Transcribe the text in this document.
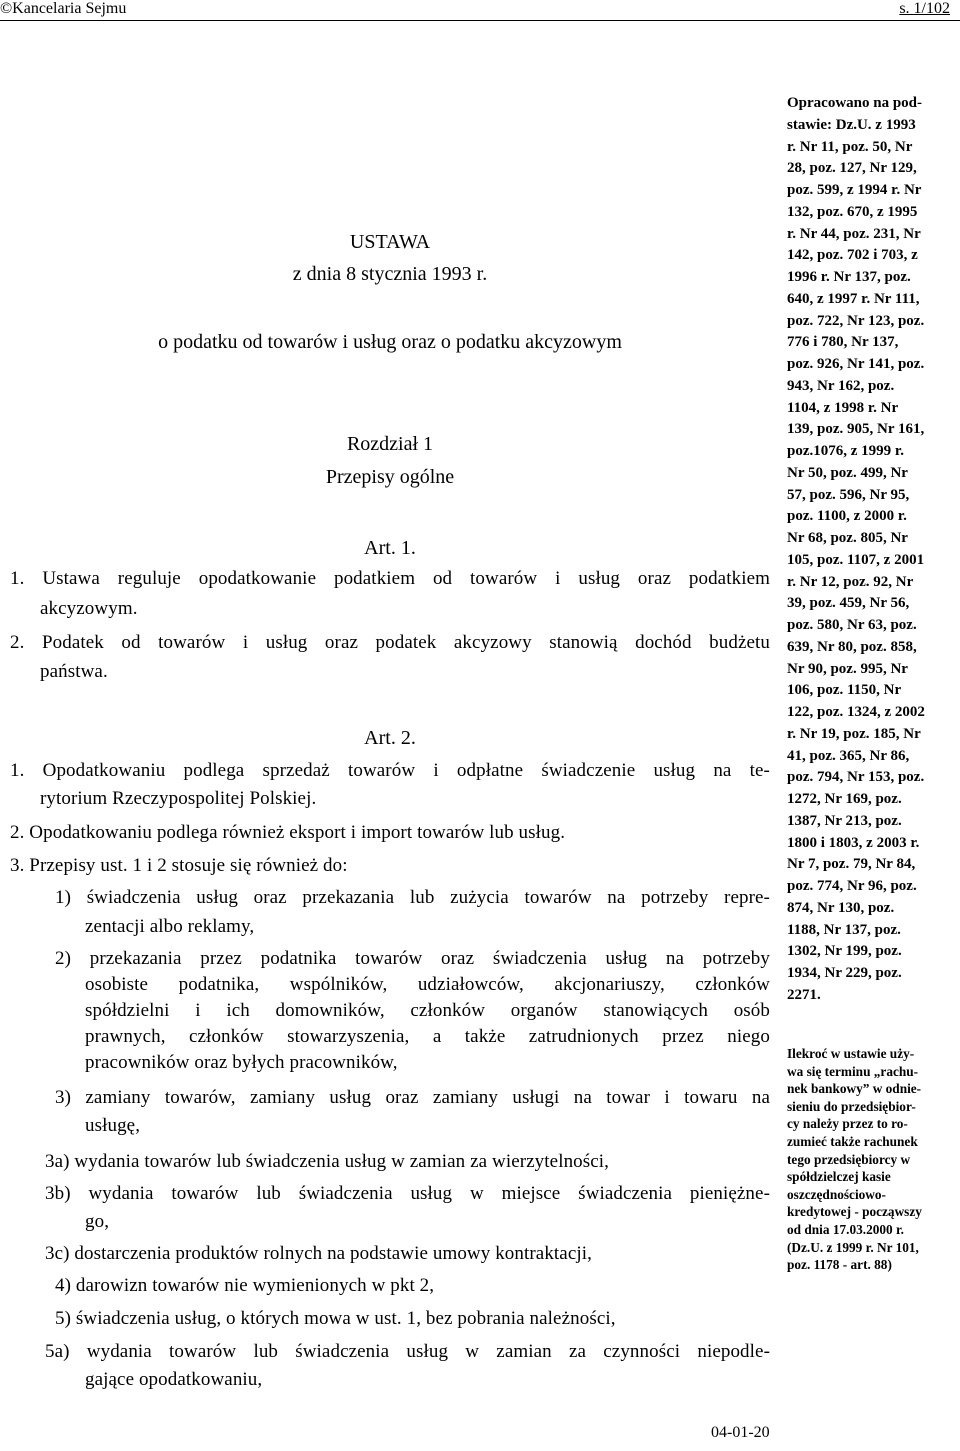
©Kancelaria Sejmu	s. 1/102
USTAWA
z dnia 8 stycznia 1993 r.
o podatku od towarów i usług oraz o podatku akcyzowym
Rozdział 1
Przepisy ogólne
Art. 1.
1. Ustawa reguluje opodatkowanie podatkiem od towarów i usług oraz podatkiem
akcyzowym.
2. Podatek od towarów i usług oraz podatek akcyzowy stanowią dochód budżetu
państwa.
Art. 2.
1. Opodatkowaniu podlega sprzedaż towarów i odpłatne świadczenie usług na te-
rytorium Rzeczypospolitej Polskiej.
2. Opodatkowaniu podlega również eksport i import towarów lub usług.
3. Przepisy ust. 1 i 2 stosuje się również do:
1) świadczenia usług oraz przekazania lub zużycia towarów na potrzeby repre-
zentacji albo reklamy,
2) przekazania przez podatnika towarów oraz świadczenia usług na potrzeby
osobiste podatnika, wspólników, udziałowców, akcjonariuszy, członków
spółdzielni i ich domowników, członków organów stanowiących osób
prawnych, członków stowarzyszenia, a także zatrudnionych przez niego
pracowników oraz byłych pracowników,
3) zamiany towarów, zamiany usług oraz zamiany usługi na towar i towaru na
usługę,
3a) wydania towarów lub świadczenia usług w zamian za wierzytelności,
3b) wydania towarów lub świadczenia usług w miejsce świadczenia pieniężne-
go,
3c) dostarczenia produktów rolnych na podstawie umowy kontraktacji,
4) darowizn towarów nie wymienionych w pkt 2,
5) świadczenia usług, o których mowa w ust. 1, bez pobrania należności,
5a) wydania towarów lub świadczenia usług w zamian za czynności niepodle-
gające opodatkowaniu,
Opracowano na pod-
stawie: Dz.U. z 1993
r. Nr 11, poz. 50, Nr
28, poz. 127, Nr 129,
poz. 599, z 1994 r. Nr
132, poz. 670, z 1995
r. Nr 44, poz. 231, Nr
142, poz. 702 i 703, z
1996 r. Nr 137, poz.
640, z 1997 r. Nr 111,
poz. 722, Nr 123, poz.
776 i 780, Nr 137,
poz. 926, Nr 141, poz.
943, Nr 162, poz.
1104, z 1998 r. Nr
139, poz. 905, Nr 161,
poz.1076, z 1999 r.
Nr 50, poz. 499, Nr
57, poz. 596, Nr 95,
poz. 1100, z 2000 r.
Nr 68, poz. 805, Nr
105, poz. 1107, z 2001
r. Nr 12, poz. 92, Nr
39, poz. 459, Nr 56,
poz. 580, Nr 63, poz.
639, Nr 80, poz. 858,
Nr 90, poz. 995, Nr
106, poz. 1150, Nr
122, poz. 1324, z 2002
r. Nr 19, poz. 185, Nr
41, poz. 365, Nr 86,
poz. 794, Nr 153, poz.
1272, Nr 169, poz.
1387, Nr 213, poz.
1800 i 1803, z 2003 r.
Nr 7, poz. 79, Nr 84,
poz. 774, Nr 96, poz.
874, Nr 130, poz.
1188, Nr 137, poz.
1302, Nr 199, poz.
1934, Nr 229, poz.
2271.
Ilekroć w ustawie uży-
wa się terminu „rachu-
nek bankowy” w odnie-
sieniu do przedsiębior-
cy należy przez to ro-
zumieć także rachunek
tego przedsiębiorcy w
spółdzielczej kasie
oszczędnościowo-
kredytowej - począwszy
od dnia 17.03.2000 r.
(Dz.U. z 1999 r. Nr 101,
poz. 1178 - art. 88)
04-01-20
